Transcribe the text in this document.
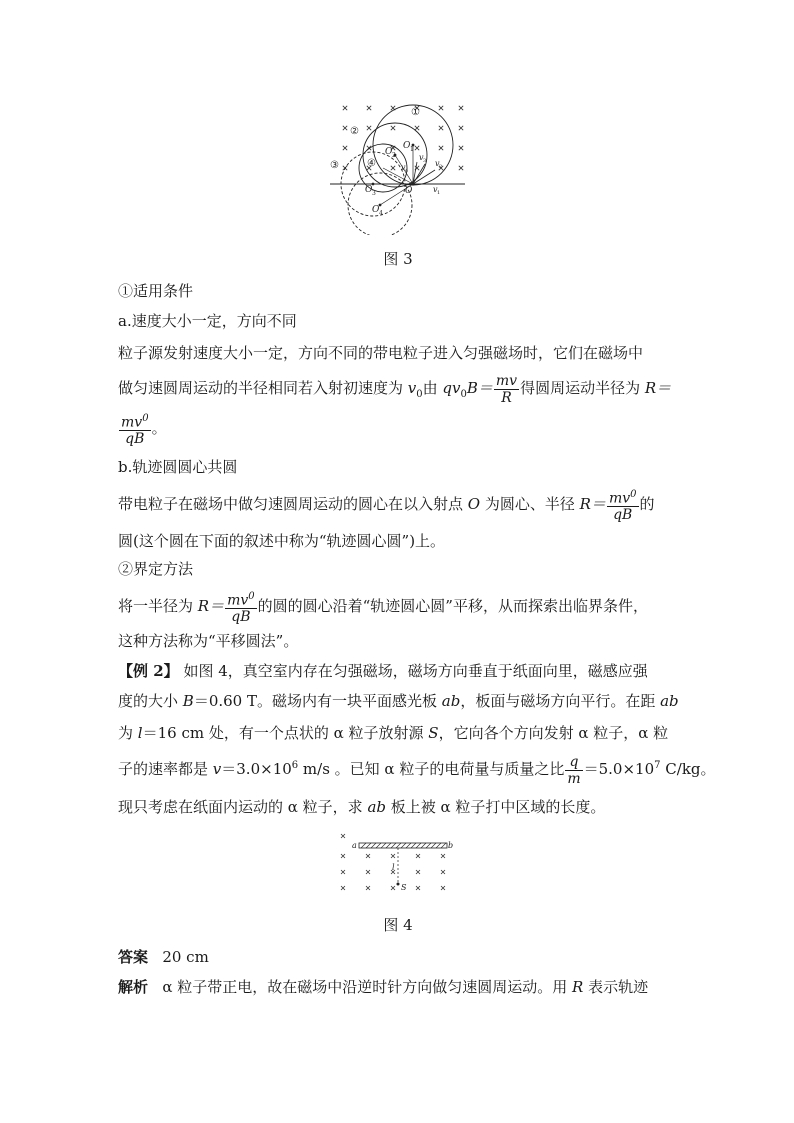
①
②
③	④
O 1
O 2
O 3
O 4
O	v 1
v 2
v 3
v 4
图 3
①适用条件
a.速度大小一定，方向不同
粒子源发射速度大小一定，方向不同的带电粒子进入匀强磁场时，它们在磁场中
做匀速圆周运动的半径相同若入射初速度为 $v_0$由 $qv_0B= \frac{mv}{R}$ 得圆周运动半径为 R＝
$\frac{mv^0}{qB}$ 。
b.轨迹圆圆心共圆
带电粒子在磁场中做匀速圆周运动的圆心在以入射点 O 为圆心、半径 $R= \frac{mv^0}{qB}$ 的
圆(这个圆在下面的叙述中称为“轨迹圆心圆”)上。
②界定方法
将一半径为 $R= \frac{mv^0}{qB}$ 的圆的圆心沿着“轨迹圆心圆”平移，从而探索出临界条件，
这种方法称为“平移圆法”。
【例 2】 如图 4，真空室内存在匀强磁场，磁场方向垂直于纸面向里，磁感应强
度的大小 B＝0.60 T。磁场内有一块平面感光板 ab，板面与磁场方向平行。在距 ab
为 l＝16 cm 处，有一个点状的 α 粒子放射源 S，它向各个方向发射 α 粒子，α 粒
子的速率都是 $v=3.0\times 10^6$ m/s 。已知 α 粒子的电荷量与质量之比 $\frac{q}{m} =5.0\times 10^7$ C/kg。
现只考虑在纸面内运动的 α 粒子，求 ab 板上被 α 粒子打中区域的长度。
a	b
l
S
图 4
答案 20 cm
解析 α 粒子带正电，故在磁场中沿逆时针方向做匀速圆周运动。用 R 表示轨迹
